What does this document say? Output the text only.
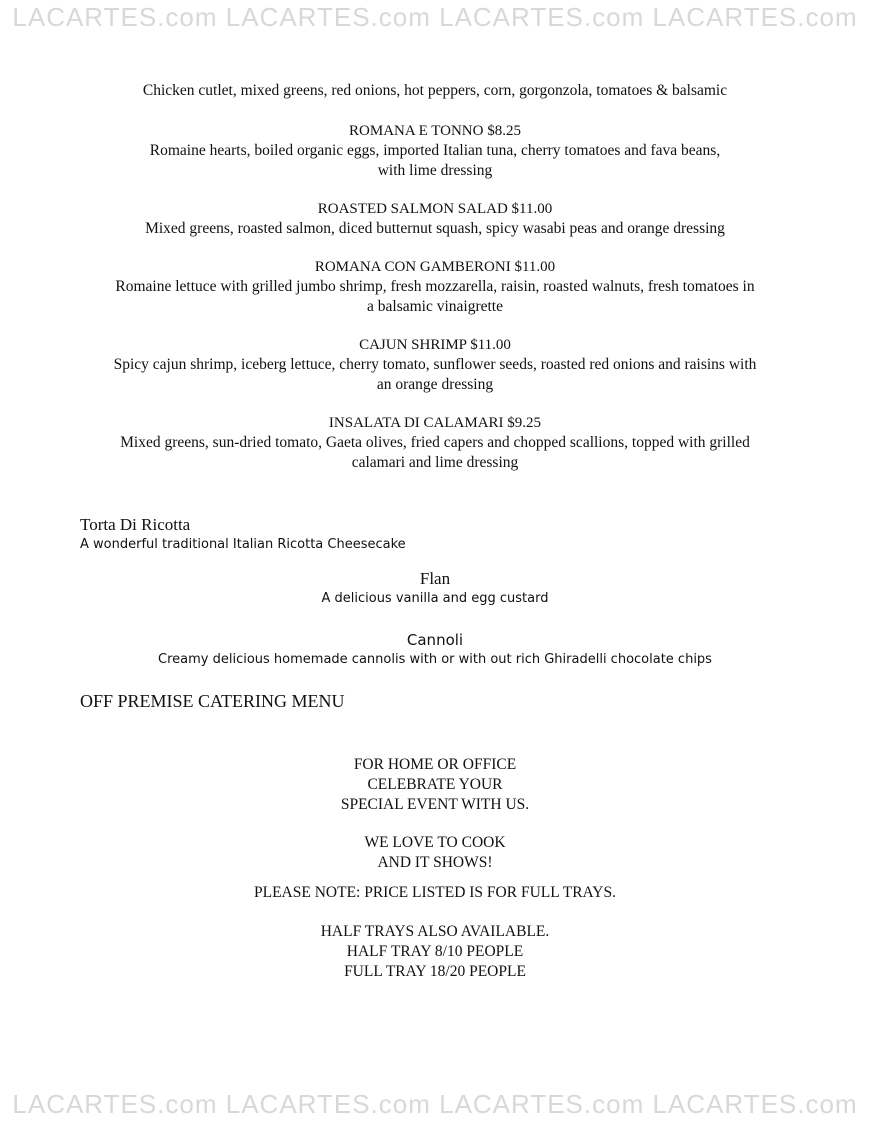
LACARTES.com LACARTES.com LACARTES.com LACARTES.com
Chicken cutlet, mixed greens, red onions, hot peppers, corn, gorgonzola, tomatoes & balsamic
ROMANA E TONNO $8.25
Romaine hearts, boiled organic eggs, imported Italian tuna, cherry tomatoes and fava beans,
with lime dressing
ROASTED SALMON SALAD $11.00
Mixed greens, roasted salmon, diced butternut squash, spicy wasabi peas and orange dressing
ROMANA CON GAMBERONI $11.00
Romaine lettuce with grilled jumbo shrimp, fresh mozzarella, raisin, roasted walnuts, fresh tomatoes in
a balsamic vinaigrette
CAJUN SHRIMP $11.00
Spicy cajun shrimp, iceberg lettuce, cherry tomato, sunflower seeds, roasted red onions and raisins with
an orange dressing
INSALATA DI CALAMARI $9.25
Mixed greens, sun-dried tomato, Gaeta olives, fried capers and chopped scallions, topped with grilled
calamari and lime dressing
Torta Di Ricotta
A wonderful traditional Italian Ricotta Cheesecake
Flan
A delicious vanilla and egg custard
Cannoli
Creamy delicious homemade cannolis with or with out rich Ghiradelli chocolate chips
OFF PREMISE CATERING MENU
FOR HOME OR OFFICE
CELEBRATE YOUR
SPECIAL EVENT WITH US.
WE LOVE TO COOK
AND IT SHOWS!
PLEASE NOTE: PRICE LISTED IS FOR FULL TRAYS.
HALF TRAYS ALSO AVAILABLE.
HALF TRAY 8/10 PEOPLE
FULL TRAY 18/20 PEOPLE
LACARTES.com LACARTES.com LACARTES.com LACARTES.com
